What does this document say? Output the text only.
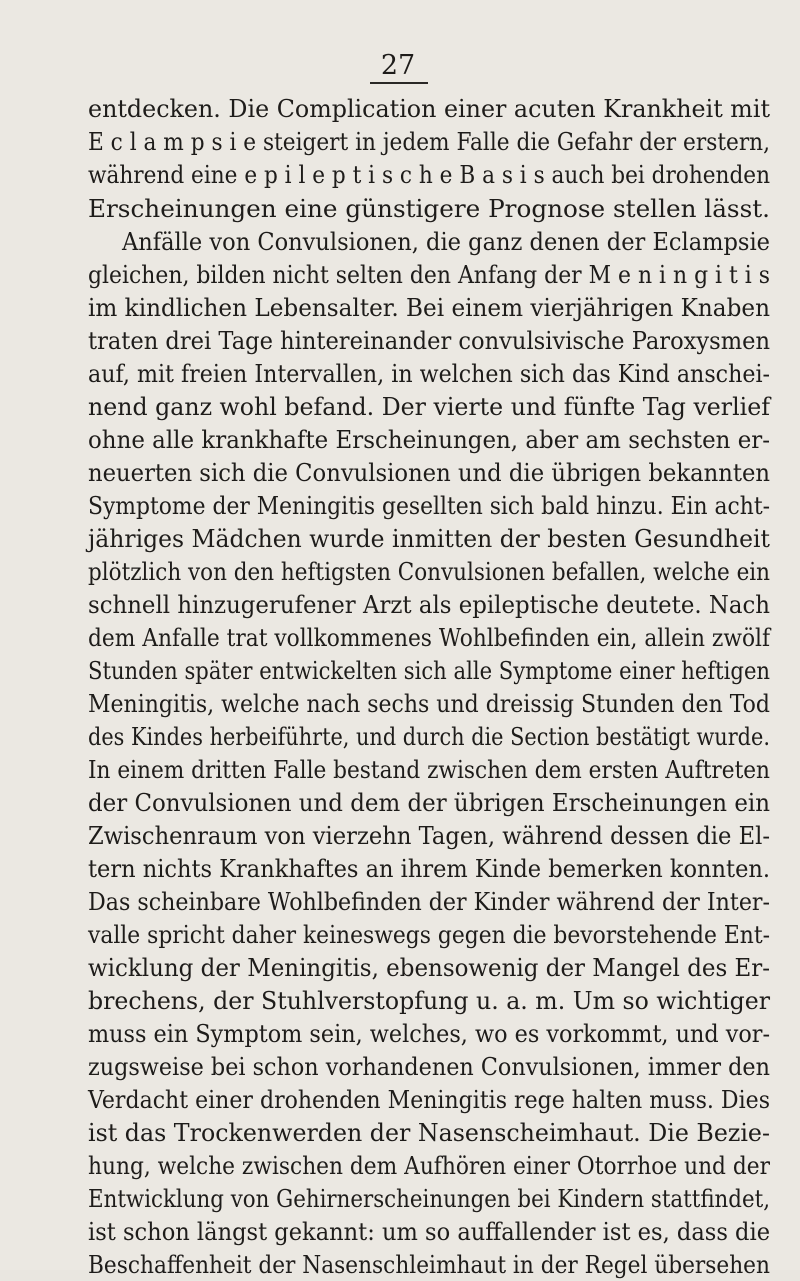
27
entdecken. Die Complication einer acuten Krankheit mit
E c l a m p s i e steigert in jedem Falle die Gefahr der erstern,
während eine e p i l e p t i s c h e B a s i s auch bei drohenden
Erscheinungen eine günstigere Prognose stellen lässt.
Anfälle von Convulsionen, die ganz denen der Eclampsie
gleichen, bilden nicht selten den Anfang der M e n i n g i t i s
im kindlichen Lebensalter. Bei einem vierjährigen Knaben
traten drei Tage hintereinander convulsivische Paroxysmen
auf, mit freien Intervallen, in welchen sich das Kind anschei-
nend ganz wohl befand. Der vierte und fünfte Tag verlief
ohne alle krankhafte Erscheinungen, aber am sechsten er-
neuerten sich die Convulsionen und die übrigen bekannten
Symptome der Meningitis gesellten sich bald hinzu. Ein acht-
jähriges Mädchen wurde inmitten der besten Gesundheit
plötzlich von den heftigsten Convulsionen befallen, welche ein
schnell hinzugerufener Arzt als epileptische deutete. Nach
dem Anfalle trat vollkommenes Wohlbefinden ein, allein zwölf
Stunden später entwickelten sich alle Symptome einer heftigen
Meningitis, welche nach sechs und dreissig Stunden den Tod
des Kindes herbeiführte, und durch die Section bestätigt wurde.
In einem dritten Falle bestand zwischen dem ersten Auftreten
der Convulsionen und dem der übrigen Erscheinungen ein
Zwischenraum von vierzehn Tagen, während dessen die El-
tern nichts Krankhaftes an ihrem Kinde bemerken konnten.
Das scheinbare Wohlbefinden der Kinder während der Inter-
valle spricht daher keineswegs gegen die bevorstehende Ent-
wicklung der Meningitis, ebensowenig der Mangel des Er-
brechens, der Stuhlverstopfung u. a. m. Um so wichtiger
muss ein Symptom sein, welches, wo es vorkommt, und vor-
zugsweise bei schon vorhandenen Convulsionen, immer den
Verdacht einer drohenden Meningitis rege halten muss. Dies
ist das Trockenwerden der Nasenscheimhaut. Die Bezie-
hung, welche zwischen dem Aufhören einer Otorrhoe und der
Entwicklung von Gehirnerscheinungen bei Kindern stattfindet,
ist schon längst gekannt: um so auffallender ist es, dass die
Beschaffenheit der Nasenschleimhaut in der Regel übersehen
